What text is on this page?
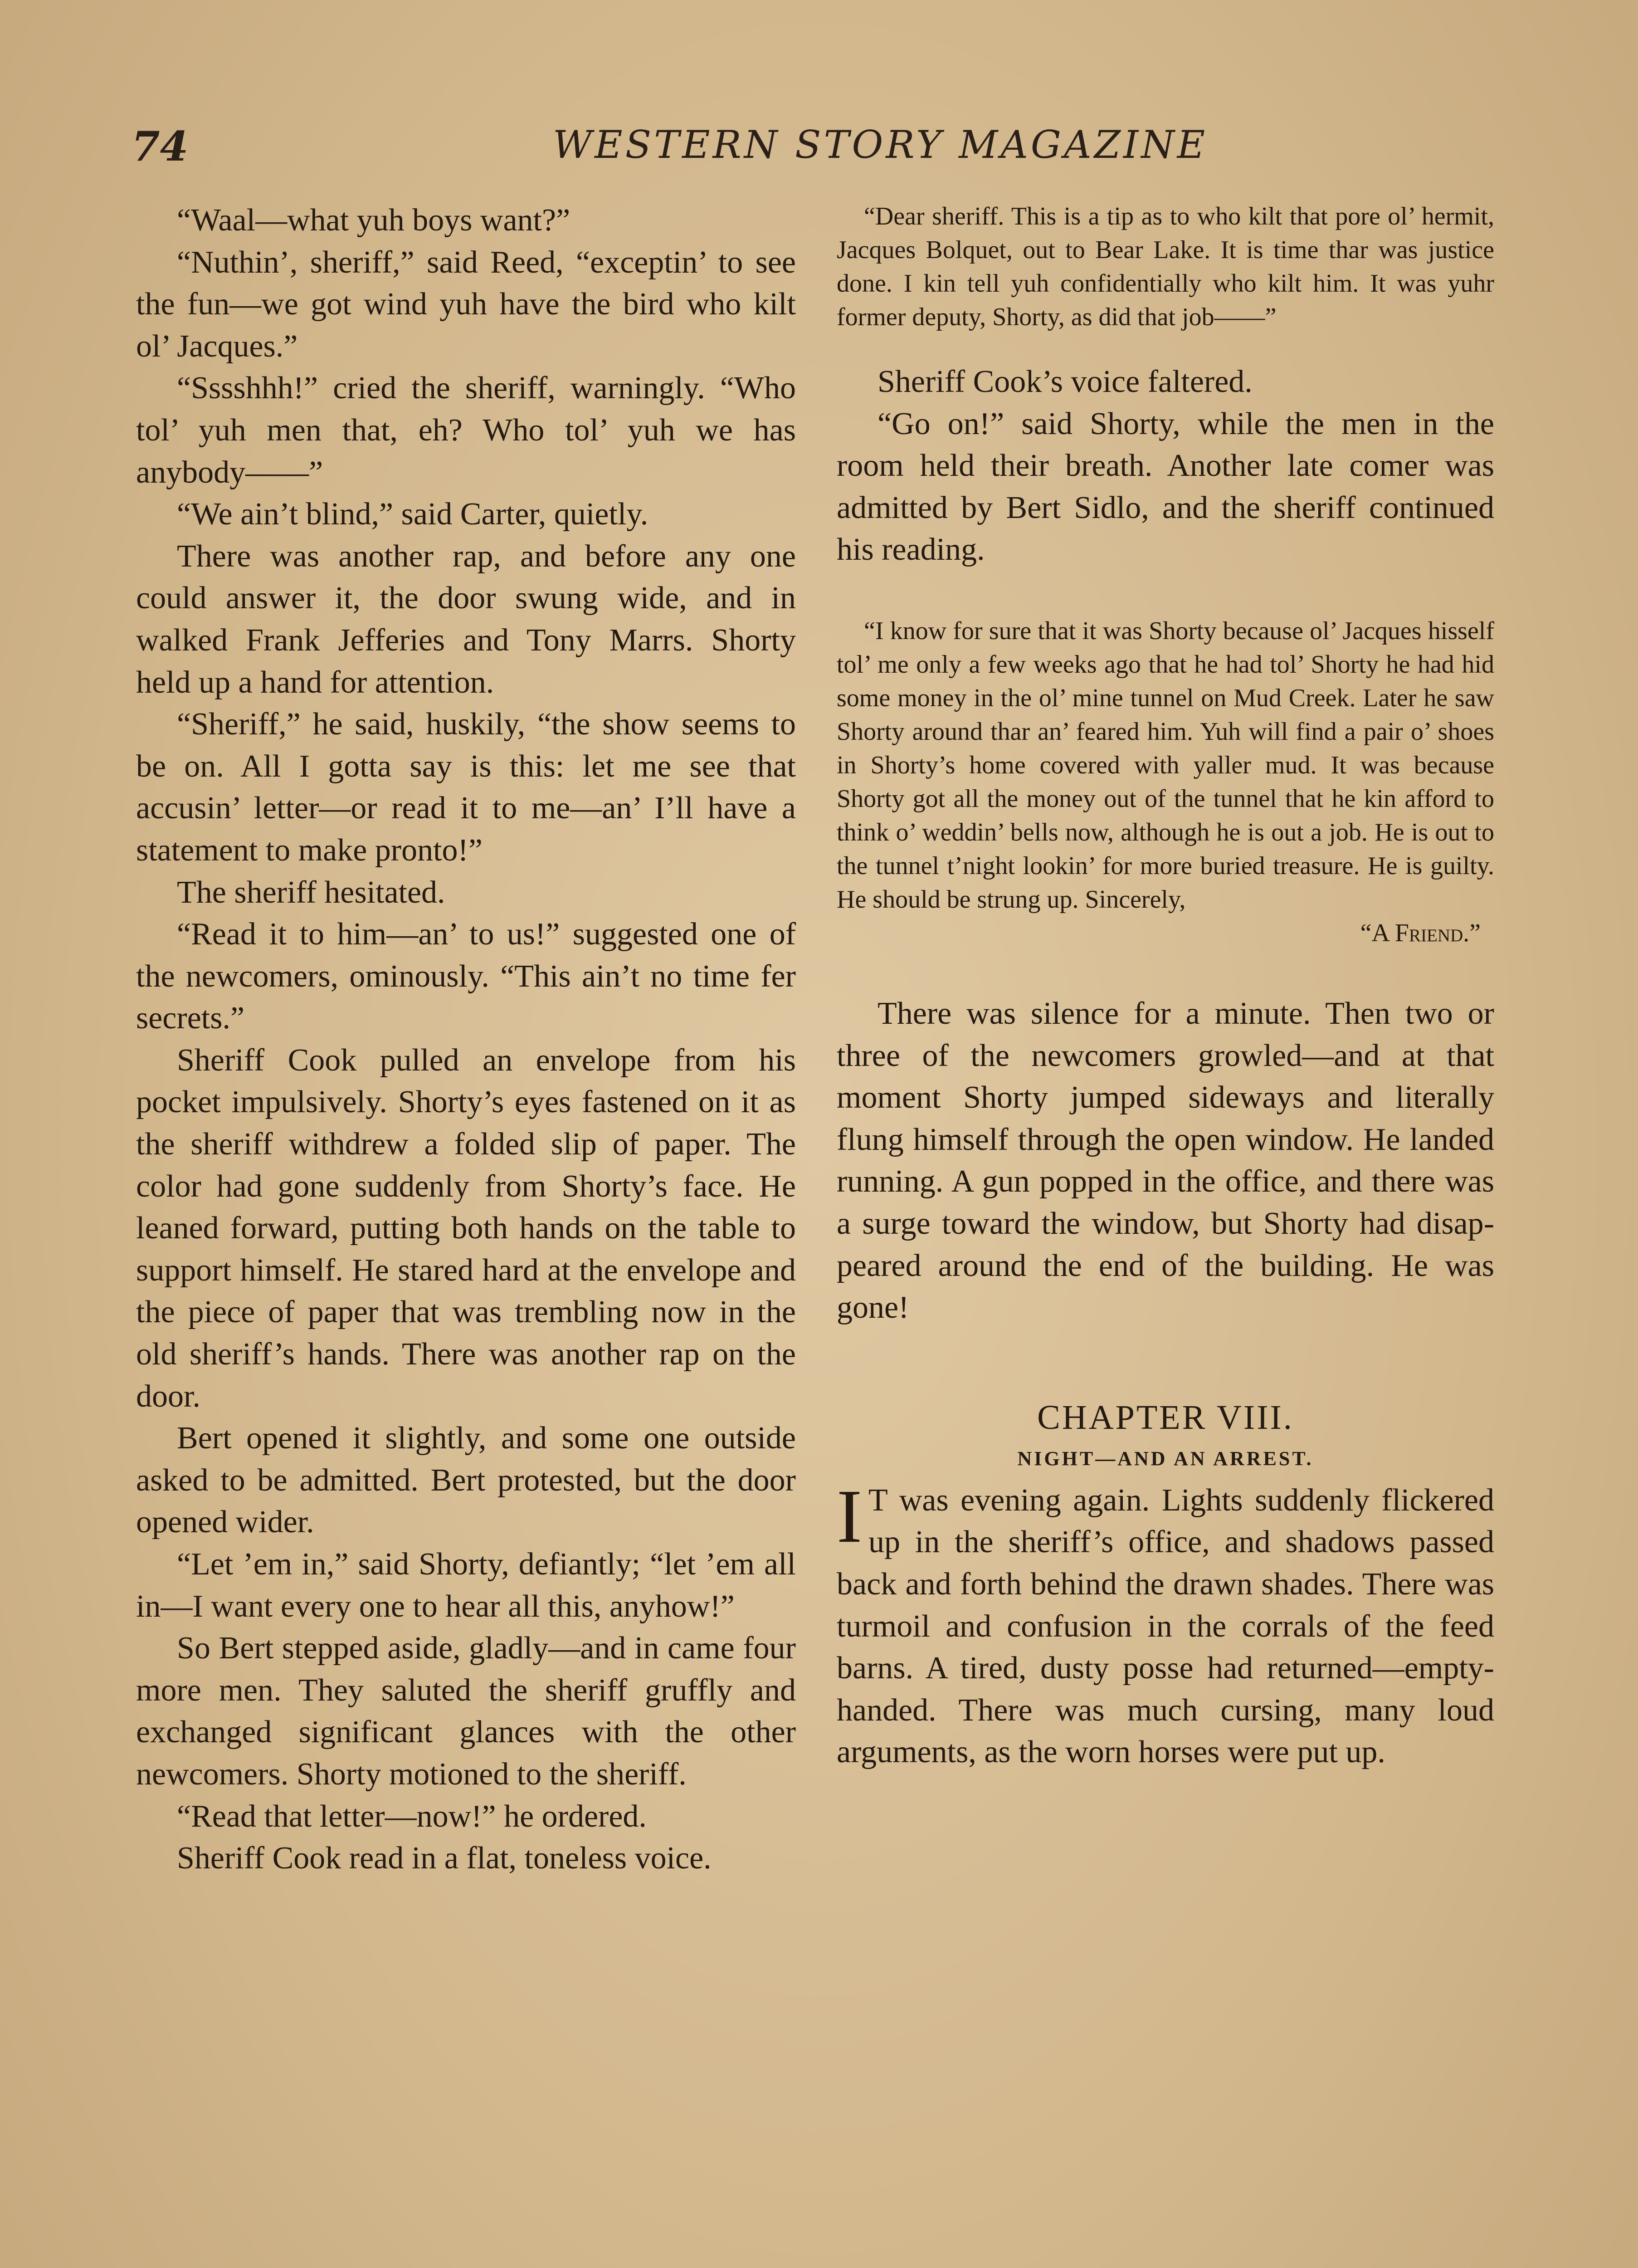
74	WESTERN STORY MAGAZINE

“Waal—what yuh boys want?”

“Nuthin’, sheriff,” said Reed, “exceptin’ to see the fun—we got wind yuh have the bird who kilt ol’ Jacques.”

“Sssshhh!” cried the sheriff, warningly. “Who tol’ yuh men that, eh? Who tol’ yuh we has anybody——”

“We ain’t blind,” said Carter, quietly.

There was another rap, and before any one could answer it, the door swung wide, and in walked Frank Jefferies and Tony Marrs. Shorty held up a hand for attention.

“Sheriff,” he said, huskily, “the show seems to be on. All I gotta say is this: let me see that accusin’ letter—or read it to me—an’ I’ll have a statement to make pronto!”

The sheriff hesitated.

“Read it to him—an’ to us!” suggested one of the newcomers, ominously. “This ain’t no time fer secrets.”

Sheriff Cook pulled an envelope from his pocket impulsively. Shorty’s eyes fastened on it as the sheriff withdrew a folded slip of paper. The color had gone suddenly from Shorty’s face. He leaned forward, putting both hands on the table to support himself. He stared hard at the envelope and the piece of paper that was trembling now in the old sheriff’s hands. There was another rap on the door.

Bert opened it slightly, and some one outside asked to be admitted. Bert protested, but the door opened wider.

“Let ’em in,” said Shorty, defiantly; “let ’em all in—I want every one to hear all this, anyhow!”

So Bert stepped aside, gladly—and in came four more men. They saluted the sheriff gruffly and exchanged significant glances with the other newcomers. Shorty motioned to the sheriff.

“Read that letter—now!” he ordered.

Sheriff Cook read in a flat, toneless voice.

“Dear sheriff. This is a tip as to who kilt that pore ol’ hermit, Jacques Bolquet, out to Bear Lake. It is time thar was justice done. I kin tell yuh confidentially who kilt him. It was yuhr former deputy, Shorty, as did that job——”

Sheriff Cook’s voice faltered.

“Go on!” said Shorty, while the men in the room held their breath. Another late comer was admitted by Bert Sidlo, and the sheriff continued his reading.

“I know for sure that it was Shorty because ol’ Jacques hisself tol’ me only a few weeks ago that he had tol’ Shorty he had hid some money in the ol’ mine tunnel on Mud Creek. Later he saw Shorty around thar an’ feared him. Yuh will find a pair o’ shoes in Shorty’s home covered with yaller mud. It was because Shorty got all the money out of the tunnel that he kin afford to think o’ weddin’ bells now, although he is out a job. He is out to the tunnel t’night lookin’ for more buried treasure. He is guilty. He should be strung up. Sincerely,

“A Friend.”

There was silence for a minute. Then two or three of the newcomers growled—and at that moment Shorty jumped sideways and literally flung himself through the open window. He landed running. A gun popped in the office, and there was a surge toward the window, but Shorty had disappeared around the end of the building. He was gone!

CHAPTER VIII.

NIGHT—AND AN ARREST.

I T was evening again. Lights suddenly flickered up in the sheriff’s office, and shadows passed back and forth behind the drawn shades. There was turmoil and confusion in the corrals of the feed barns. A tired, dusty posse had returned—empty-handed. There was much cursing, many loud arguments, as the worn horses were put up.
